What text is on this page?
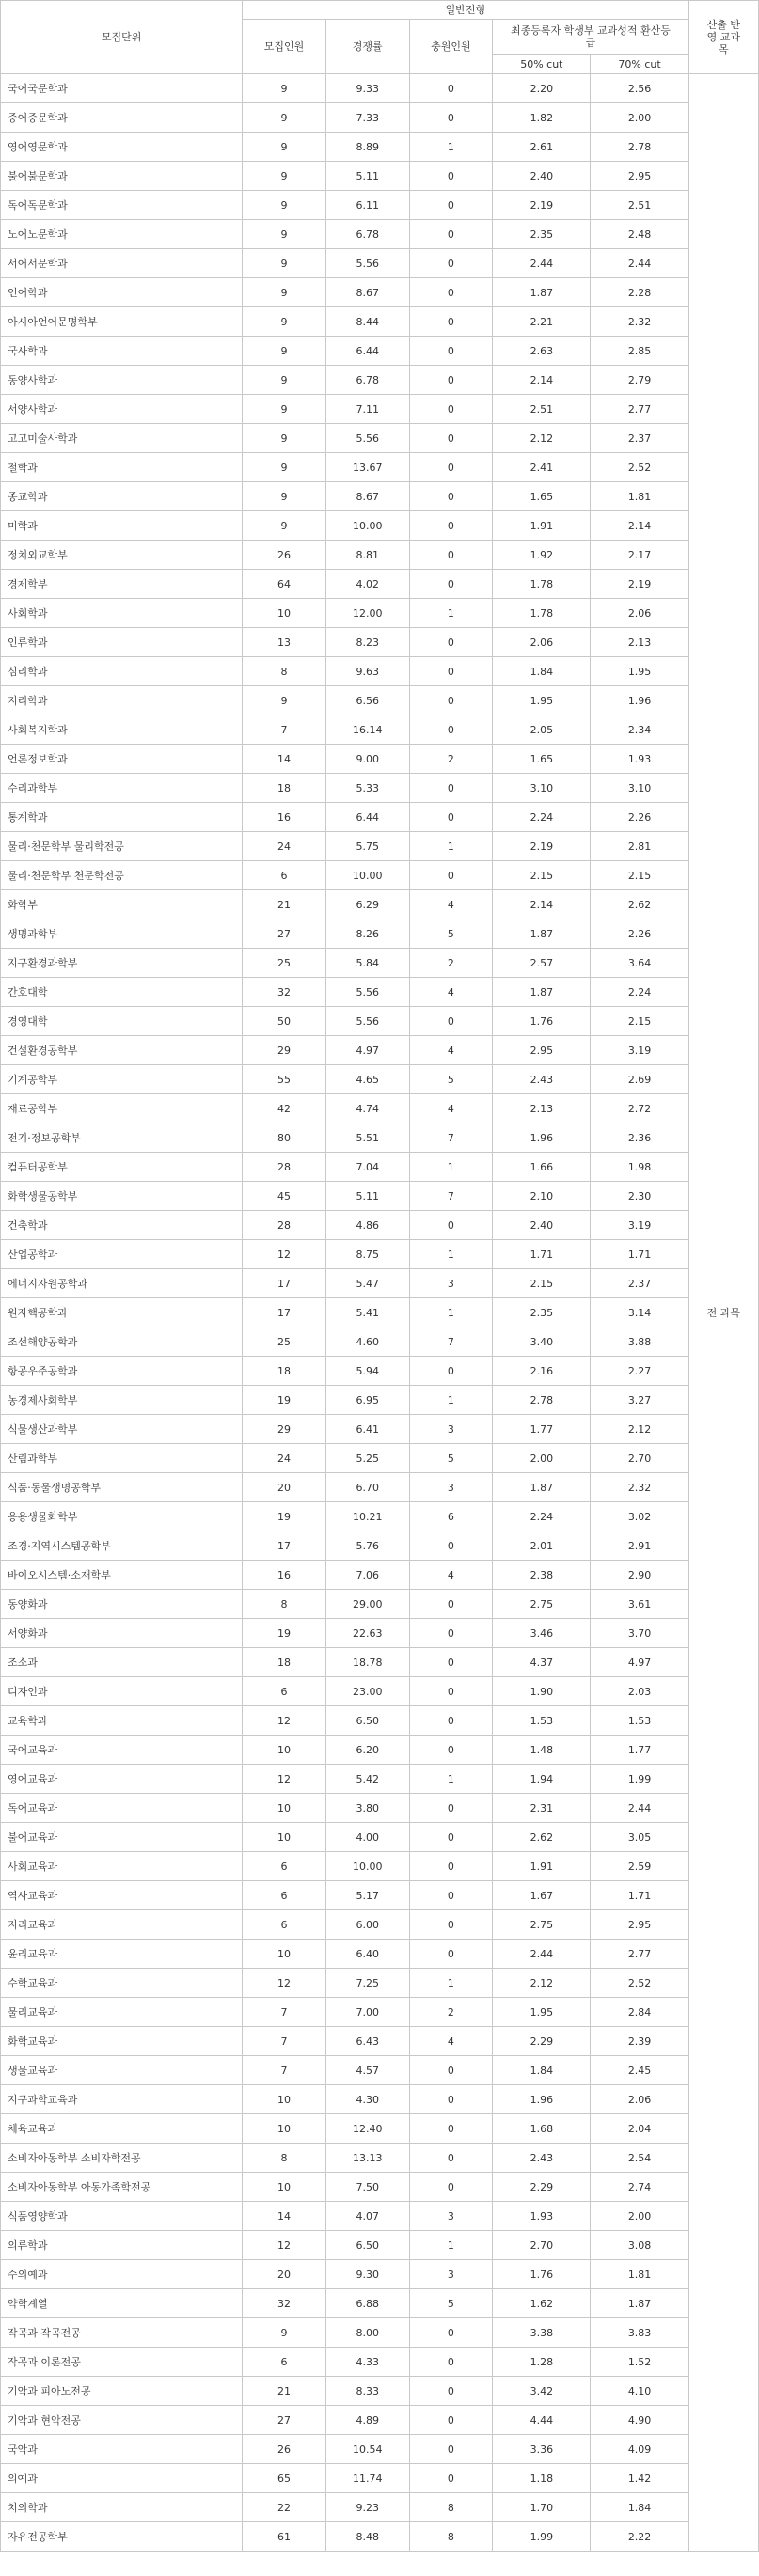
모집단위	일반전형					산출 반영 교과목
	모집인원	경쟁률	충원인원	최종등록자 학생부 교과성적 환산등급		
				50% cut	70% cut	
국어국문학과	9	9.33	0	2.20	2.56	전 과목
중어중문학과	9	7.33	0	1.82	2.00	
영어영문학과	9	8.89	1	2.61	2.78	
불어불문학과	9	5.11	0	2.40	2.95	
독어독문학과	9	6.11	0	2.19	2.51	
노어노문학과	9	6.78	0	2.35	2.48	
서어서문학과	9	5.56	0	2.44	2.44	
언어학과	9	8.67	0	1.87	2.28	
아시아언어문명학부	9	8.44	0	2.21	2.32	
국사학과	9	6.44	0	2.63	2.85	
동양사학과	9	6.78	0	2.14	2.79	
서양사학과	9	7.11	0	2.51	2.77	
고고미술사학과	9	5.56	0	2.12	2.37	
철학과	9	13.67	0	2.41	2.52	
종교학과	9	8.67	0	1.65	1.81	
미학과	9	10.00	0	1.91	2.14	
정치외교학부	26	8.81	0	1.92	2.17	
경제학부	64	4.02	0	1.78	2.19	
사회학과	10	12.00	1	1.78	2.06	
인류학과	13	8.23	0	2.06	2.13	
심리학과	8	9.63	0	1.84	1.95	
지리학과	9	6.56	0	1.95	1.96	
사회복지학과	7	16.14	0	2.05	2.34	
언론정보학과	14	9.00	2	1.65	1.93	
수리과학부	18	5.33	0	3.10	3.10	
통계학과	16	6.44	0	2.24	2.26	
물리·천문학부 물리학전공	24	5.75	1	2.19	2.81	
물리·천문학부 천문학전공	6	10.00	0	2.15	2.15	
화학부	21	6.29	4	2.14	2.62	
생명과학부	27	8.26	5	1.87	2.26	
지구환경과학부	25	5.84	2	2.57	3.64	
간호대학	32	5.56	4	1.87	2.24	
경영대학	50	5.56	0	1.76	2.15	
건설환경공학부	29	4.97	4	2.95	3.19	
기계공학부	55	4.65	5	2.43	2.69	
재료공학부	42	4.74	4	2.13	2.72	
전기·정보공학부	80	5.51	7	1.96	2.36	
컴퓨터공학부	28	7.04	1	1.66	1.98	
화학생물공학부	45	5.11	7	2.10	2.30	
건축학과	28	4.86	0	2.40	3.19	
산업공학과	12	8.75	1	1.71	1.71	
에너지자원공학과	17	5.47	3	2.15	2.37	
원자핵공학과	17	5.41	1	2.35	3.14	
조선해양공학과	25	4.60	7	3.40	3.88	
항공우주공학과	18	5.94	0	2.16	2.27	
농경제사회학부	19	6.95	1	2.78	3.27	
식물생산과학부	29	6.41	3	1.77	2.12	
산림과학부	24	5.25	5	2.00	2.70	
식품·동물생명공학부	20	6.70	3	1.87	2.32	
응용생물화학부	19	10.21	6	2.24	3.02	
조경·지역시스템공학부	17	5.76	0	2.01	2.91	
바이오시스템·소재학부	16	7.06	4	2.38	2.90	
동양화과	8	29.00	0	2.75	3.61	
서양화과	19	22.63	0	3.46	3.70	
조소과	18	18.78	0	4.37	4.97	
디자인과	6	23.00	0	1.90	2.03	
교육학과	12	6.50	0	1.53	1.53	
국어교육과	10	6.20	0	1.48	1.77	
영어교육과	12	5.42	1	1.94	1.99	
독어교육과	10	3.80	0	2.31	2.44	
불어교육과	10	4.00	0	2.62	3.05	
사회교육과	6	10.00	0	1.91	2.59	
역사교육과	6	5.17	0	1.67	1.71	
지리교육과	6	6.00	0	2.75	2.95	
윤리교육과	10	6.40	0	2.44	2.77	
수학교육과	12	7.25	1	2.12	2.52	
물리교육과	7	7.00	2	1.95	2.84	
화학교육과	7	6.43	4	2.29	2.39	
생물교육과	7	4.57	0	1.84	2.45	
지구과학교육과	10	4.30	0	1.96	2.06	
체육교육과	10	12.40	0	1.68	2.04	
소비자아동학부 소비자학전공	8	13.13	0	2.43	2.54	
소비자아동학부 아동가족학전공	10	7.50	0	2.29	2.74	
식품영양학과	14	4.07	3	1.93	2.00	
의류학과	12	6.50	1	2.70	3.08	
수의예과	20	9.30	3	1.76	1.81	
약학계열	32	6.88	5	1.62	1.87	
작곡과 작곡전공	9	8.00	0	3.38	3.83	
작곡과 이론전공	6	4.33	0	1.28	1.52	
기악과 피아노전공	21	8.33	0	3.42	4.10	
기악과 현악전공	27	4.89	0	4.44	4.90	
국악과	26	10.54	0	3.36	4.09	
의예과	65	11.74	0	1.18	1.42	
치의학과	22	9.23	8	1.70	1.84	
자유전공학부	61	8.48	8	1.99	2.22	
